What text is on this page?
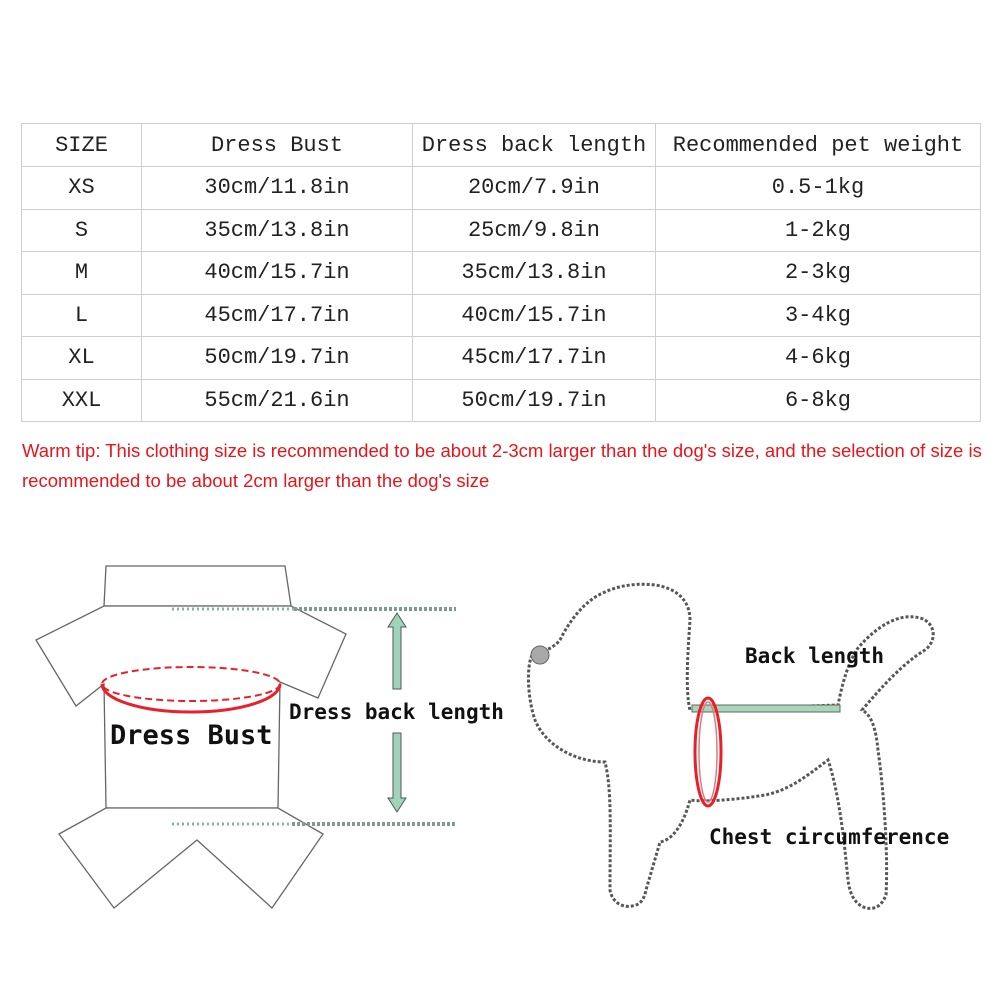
SIZE	Dress Bust	Dress back length	Recommended pet weight
XS	30cm/11.8in	20cm/7.9in	0.5-1kg
S	35cm/13.8in	25cm/9.8in	1-2kg
M	40cm/15.7in	35cm/13.8in	2-3kg
L	45cm/17.7in	40cm/15.7in	3-4kg
XL	50cm/19.7in	45cm/17.7in	4-6kg
XXL	55cm/21.6in	50cm/19.7in	6-8kg

Warm tip: This clothing size is recommended to be about 2-3cm larger than the dog's size, and the selection of size is recommended to be about 2cm larger than the dog's size

Dress Bust
Dress back length
Back length
Chest circumference
